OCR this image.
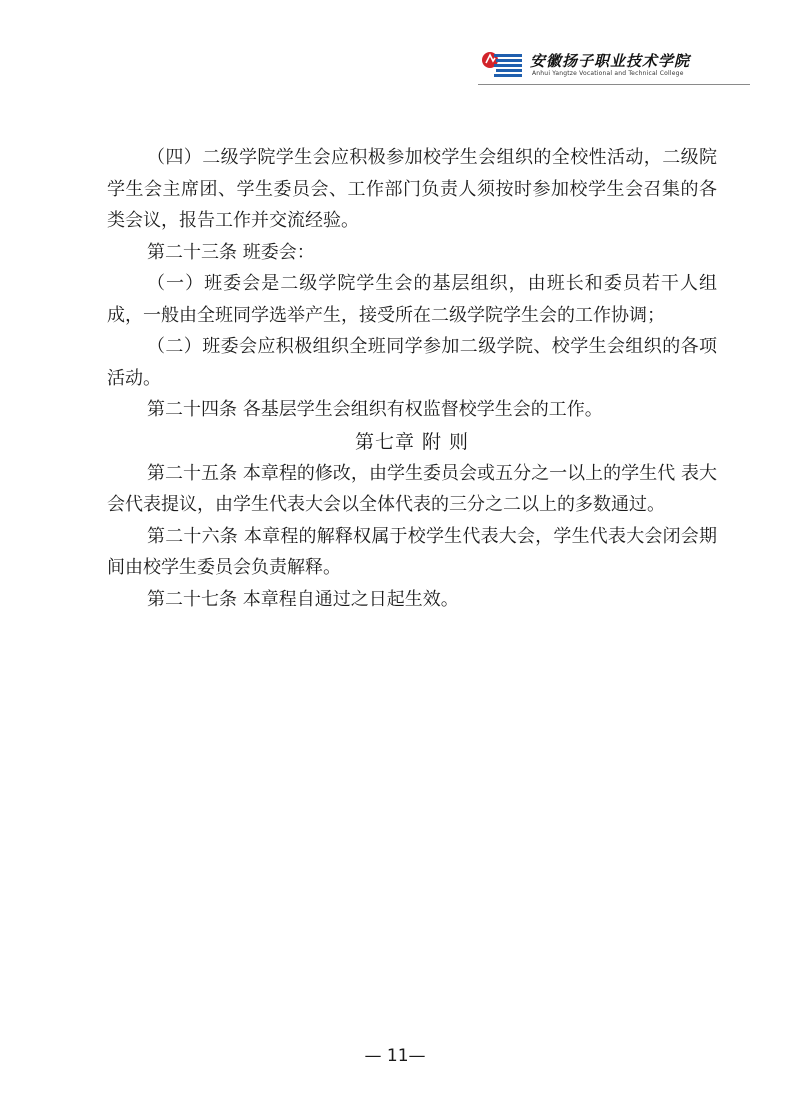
安徽扬子职业技术学院
Anhui Yangtze Vocational and Technical College

（四）二级学院学生会应积极参加校学生会组织的全校性活动，二级院学生会主席团、学生委员会、工作部门负责人须按时参加校学生会召集的各类会议，报告工作并交流经验。

第二十三条 班委会：

（一）班委会是二级学院学生会的基层组织，由班长和委员若干人组成，一般由全班同学选举产生，接受所在二级学院学生会的工作协调；

（二）班委会应积极组织全班同学参加二级学院、校学生会组织的各项活动。

第二十四条 各基层学生会组织有权监督校学生会的工作。

第七章 附 则

第二十五条 本章程的修改，由学生委员会或五分之一以上的学生代 表大会代表提议，由学生代表大会以全体代表的三分之二以上的多数通过。

第二十六条 本章程的解释权属于校学生代表大会，学生代表大会闭会期间由校学生委员会负责解释。

第二十七条 本章程自通过之日起生效。

— 11—
